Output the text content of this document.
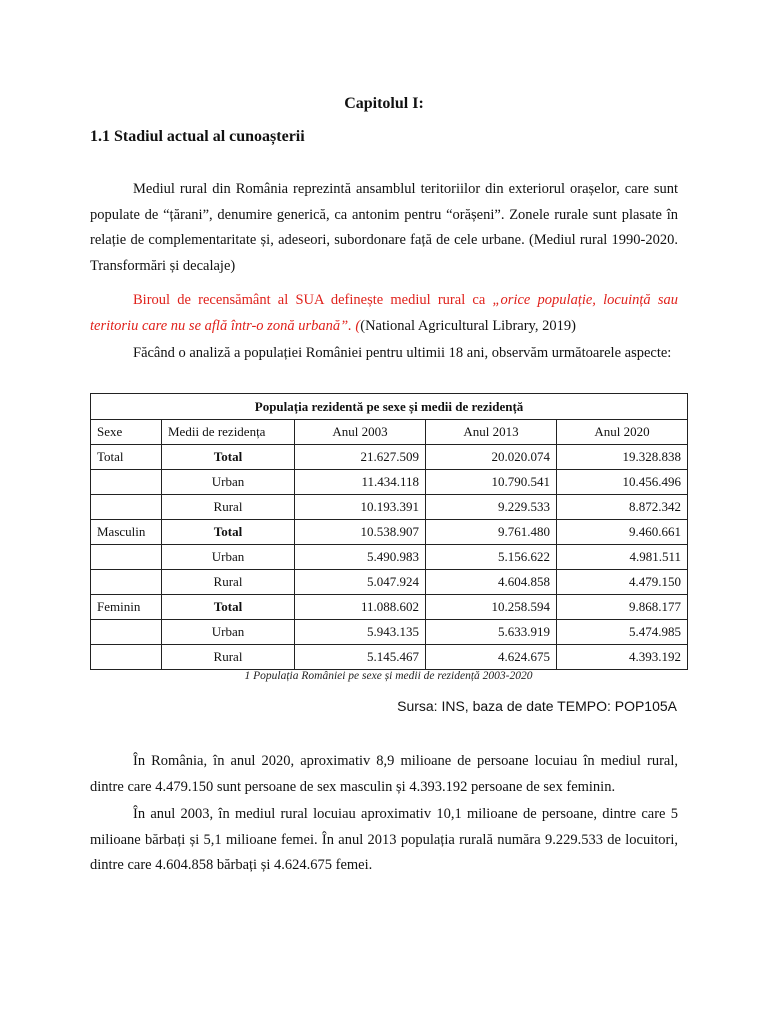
Capitolul I:
1.1 Stadiul actual al cunoașterii
Mediul rural din România reprezintă ansamblul teritoriilor din exteriorul orașelor, care sunt populate de “țărani”, denumire generică, ca antonim pentru “orășeni”. Zonele rurale sunt plasate în relație de complementaritate și, adeseori, subordonare față de cele urbane. (Mediul rural 1990-2020. Transformări și decalaje)
Biroul de recensământ al SUA definește mediul rural ca „orice populație, locuință sau teritoriu care nu se află într-o zonă urbană”. ((National Agricultural Library, 2019)
Făcând o analiză a populației României pentru ultimii 18 ani, observăm următoarele aspecte:
Populația rezidentă pe sexe și medii de rezidență				
Sexe	Medii de rezidența	Anul 2003	Anul 2013	Anul 2020
Total	Total	21.627.509	20.020.074	19.328.838
	Urban	11.434.118	10.790.541	10.456.496
	Rural	10.193.391	9.229.533	8.872.342
Masculin	Total	10.538.907	9.761.480	9.460.661
	Urban	5.490.983	5.156.622	4.981.511
	Rural	5.047.924	4.604.858	4.479.150
Feminin	Total	11.088.602	10.258.594	9.868.177
	Urban	5.943.135	5.633.919	5.474.985
	Rural	5.145.467	4.624.675	4.393.192
1 Populația României pe sexe și medii de rezidență 2003-2020
Sursa: INS, baza de date TEMPO: POP105A
În România, în anul 2020, aproximativ 8,9 milioane de persoane locuiau în mediul rural, dintre care 4.479.150 sunt persoane de sex masculin și 4.393.192 persoane de sex feminin.
În anul 2003, în mediul rural locuiau aproximativ 10,1 milioane de persoane, dintre care 5 milioane bărbați și 5,1 milioane femei. În anul 2013 populația rurală număra 9.229.533 de locuitori, dintre care 4.604.858 bărbați și 4.624.675 femei.
